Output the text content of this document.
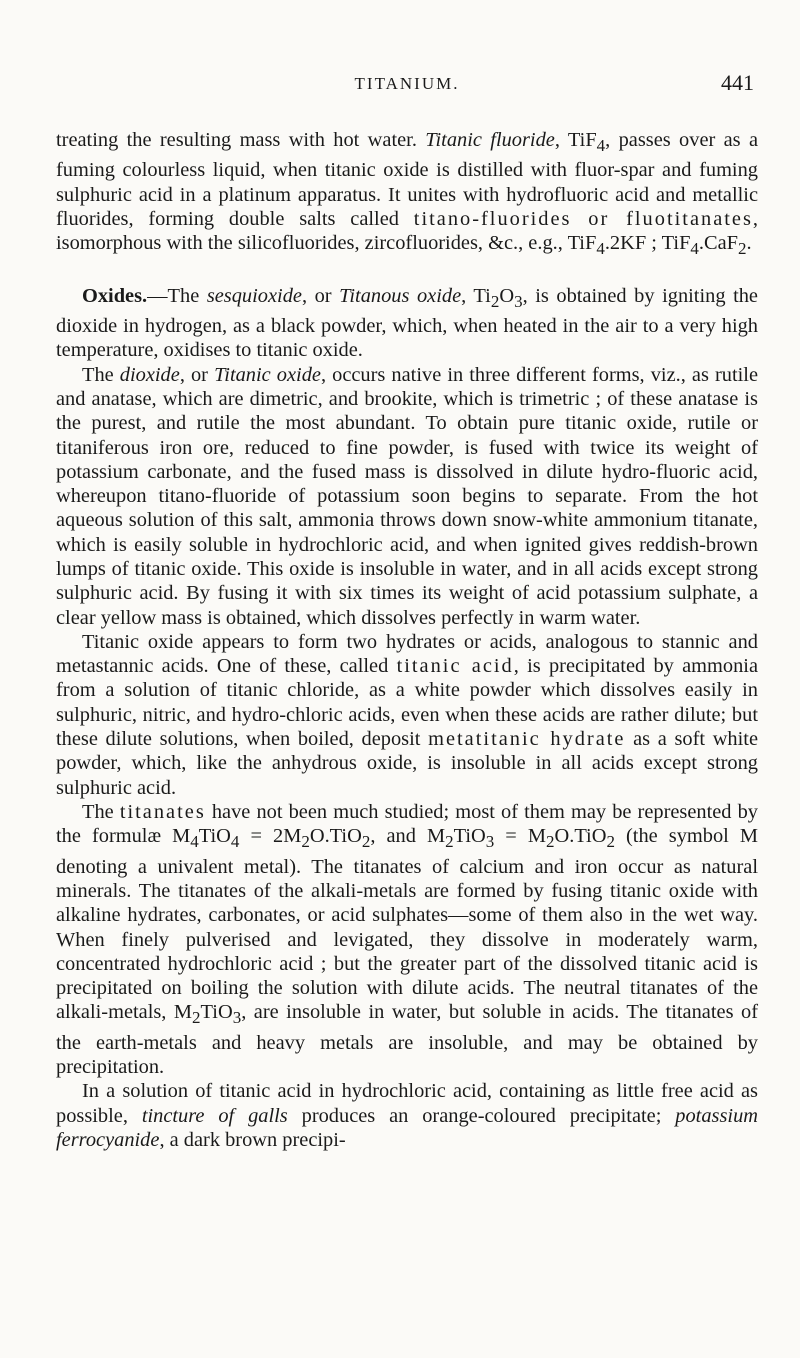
TITANIUM.	441

treating the resulting mass with hot water. Titanic fluoride, TiF$_4$, passes over as a fuming colourless liquid, when titanic oxide is distilled with fluor-spar and fuming sulphuric acid in a platinum apparatus. It unites with hydrofluoric acid and metallic fluorides, forming double salts called titano-fluorides or fluotitanates, isomorphous with the silicofluorides, zircofluorides, &c., e.g., TiF$_4$.2KF ; TiF$_4$.CaF$_2$.

Oxides.—The sesquioxide, or Titanous oxide, $Ti_2O_3$, is obtained by igniting the dioxide in hydrogen, as a black powder, which, when heated in the air to a very high temperature, oxidises to titanic oxide.

The dioxide, or Titanic oxide, occurs native in three different forms, viz., as rutile and anatase, which are dimetric, and brookite, which is trimetric ; of these anatase is the purest, and rutile the most abundant. To obtain pure titanic oxide, rutile or titaniferous iron ore, reduced to fine powder, is fused with twice its weight of potassium carbonate, and the fused mass is dissolved in dilute hydro-fluoric acid, whereupon titano-fluoride of potassium soon begins to separate. From the hot aqueous solution of this salt, ammonia throws down snow-white ammonium titanate, which is easily soluble in hydrochloric acid, and when ignited gives reddish-brown lumps of titanic oxide. This oxide is insoluble in water, and in all acids except strong sulphuric acid. By fusing it with six times its weight of acid potassium sulphate, a clear yellow mass is obtained, which dissolves perfectly in warm water.

Titanic oxide appears to form two hydrates or acids, analogous to stannic and metastannic acids. One of these, called titanic acid, is precipitated by ammonia from a solution of titanic chloride, as a white powder which dissolves easily in sulphuric, nitric, and hydro-chloric acids, even when these acids are rather dilute; but these dilute solutions, when boiled, deposit metatitanic hydrate as a soft white powder, which, like the anhydrous oxide, is insoluble in all acids except strong sulphuric acid.

The titanates have not been much studied; most of them may be represented by the formulæ $M_4TiO_4 = 2M_2O.TiO_2$, and $M_2TiO_3 = M_2O.TiO_2$ (the symbol M denoting a univalent metal). The titanates of calcium and iron occur as natural minerals. The titanates of the alkali-metals are formed by fusing titanic oxide with alkaline hydrates, carbonates, or acid sulphates—some of them also in the wet way. When finely pulverised and levigated, they dissolve in moderately warm, concentrated hydrochloric acid ; but the greater part of the dissolved titanic acid is precipitated on boiling the solution with dilute acids. The neutral titanates of the alkali-metals, $M_2TiO_3$, are insoluble in water, but soluble in acids. The titanates of the earth-metals and heavy metals are insoluble, and may be obtained by precipitation.

In a solution of titanic acid in hydrochloric acid, containing as little free acid as possible, tincture of galls produces an orange-coloured precipitate; potassium ferrocyanide, a dark brown precipi-
